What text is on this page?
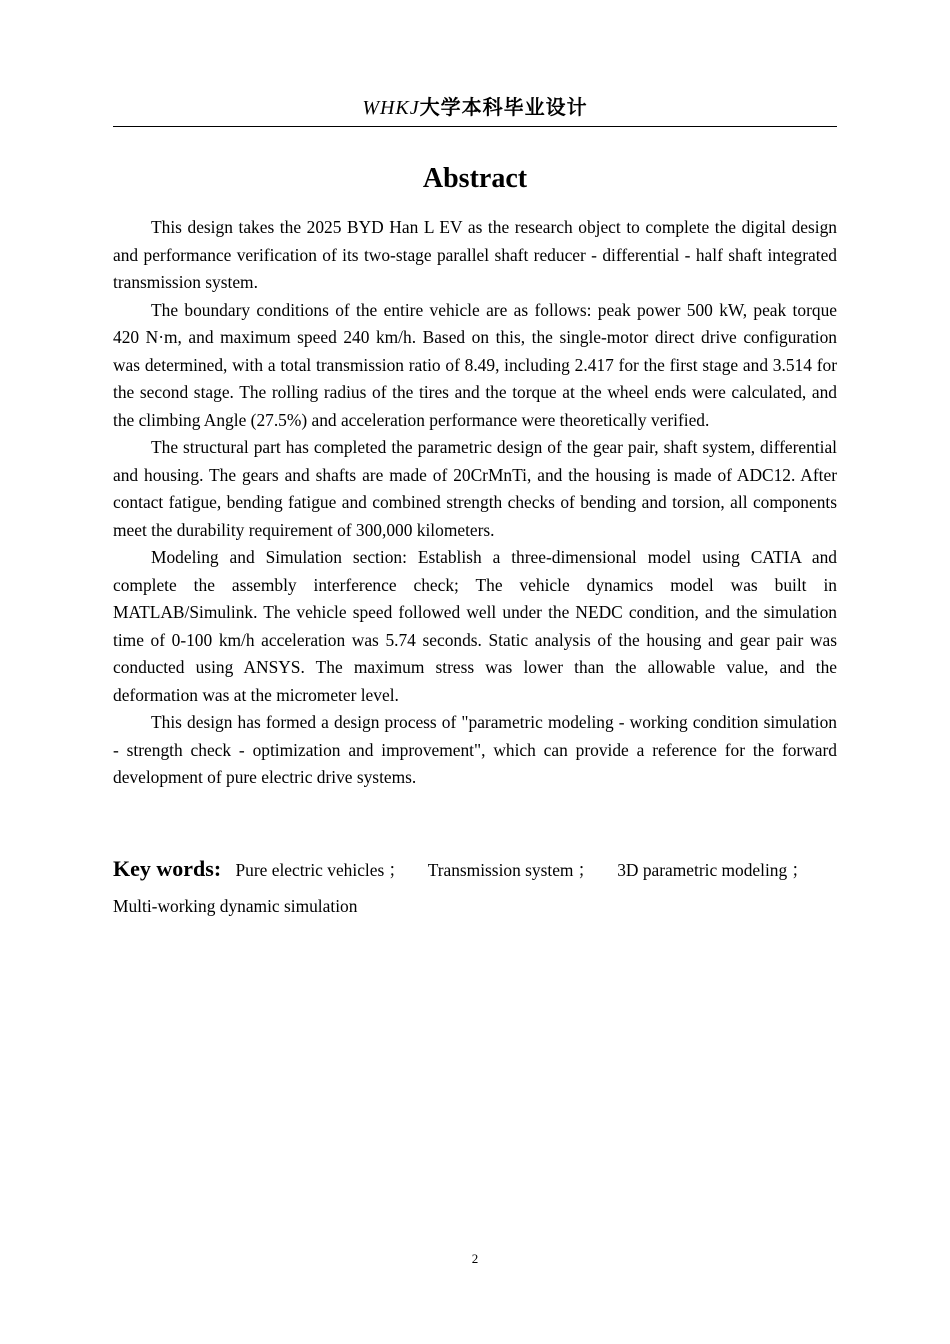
WHKJ大学本科毕业设计
Abstract

This design takes the 2025 BYD Han L EV as the research object to complete the digital design and performance verification of its two-stage parallel shaft reducer - differential - half shaft integrated transmission system.

The boundary conditions of the entire vehicle are as follows: peak power 500 kW, peak torque 420 N·m, and maximum speed 240 km/h. Based on this, the single-motor direct drive configuration was determined, with a total transmission ratio of 8.49, including 2.417 for the first stage and 3.514 for the second stage. The rolling radius of the tires and the torque at the wheel ends were calculated, and the climbing Angle (27.5%) and acceleration performance were theoretically verified.

The structural part has completed the parametric design of the gear pair, shaft system, differential and housing. The gears and shafts are made of 20CrMnTi, and the housing is made of ADC12. After contact fatigue, bending fatigue and combined strength checks of bending and torsion, all components meet the durability requirement of 300,000 kilometers.

Modeling and Simulation section: Establish a three-dimensional model using CATIA and complete the assembly interference check; The vehicle dynamics model was built in MATLAB/Simulink. The vehicle speed followed well under the NEDC condition, and the simulation time of 0-100 km/h acceleration was 5.74 seconds. Static analysis of the housing and gear pair was conducted using ANSYS. The maximum stress was lower than the allowable value, and the deformation was at the micrometer level.

This design has formed a design process of "parametric modeling - working condition simulation - strength check - optimization and improvement", which can provide a reference for the forward development of pure electric drive systems.

Key words: Pure electric vehicles ； Transmission system ； 3D parametric modeling ； Multi-working dynamic simulation
2
